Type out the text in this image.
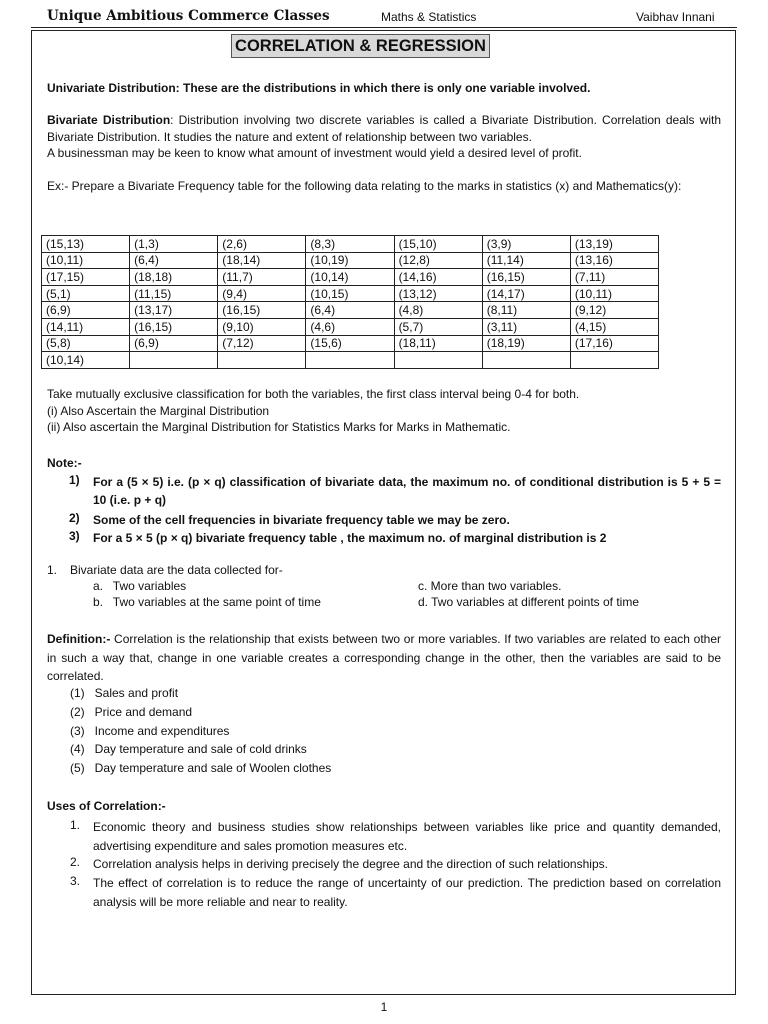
Unique Ambitious Commerce Classes	Maths & Statistics	Vaibhav Innani
CORRELATION & REGRESSION
Univariate Distribution: These are the distributions in which there is only one variable involved.
Bivariate Distribution: Distribution involving two discrete variables is called a Bivariate Distribution. Correlation deals with Bivariate Distribution. It studies the nature and extent of relationship between two variables.
A businessman may be keen to know what amount of investment would yield a desired level of profit.
Ex:- Prepare a Bivariate Frequency table for the following data relating to the marks in statistics (x) and Mathematics(y):
(15,13)	(1,3)	(2,6)	(8,3)	(15,10)	(3,9)	(13,19)
(10,11)	(6,4)	(18,14)	(10,19)	(12,8)	(11,14)	(13,16)
(17,15)	(18,18)	(11,7)	(10,14)	(14,16)	(16,15)	(7,11)
(5,1)	(11,15)	(9,4)	(10,15)	(13,12)	(14,17)	(10,11)
(6,9)	(13,17)	(16,15)	(6,4)	(4,8)	(8,11)	(9,12)
(14,11)	(16,15)	(9,10)	(4,6)	(5,7)	(3,11)	(4,15)
(5,8)	(6,9)	(7,12)	(15,6)	(18,11)	(18,19)	(17,16)
(10,14)						
Take mutually exclusive classification for both the variables, the first class interval being 0-4 for both.
(i) Also Ascertain the Marginal Distribution
(ii) Also ascertain the Marginal Distribution for Statistics Marks for Marks in Mathematic.
Note:-
1) For a (5 × 5) i.e. (p × q) classification of bivariate data, the maximum no. of conditional distribution is 5 + 5 = 10 (i.e. p + q)
2) Some of the cell frequencies in bivariate frequency table we may be zero.
3) For a 5 × 5 (p × q) bivariate frequency table , the maximum no. of marginal distribution is 2
1. Bivariate data are the data collected for-
a.   Two variables	c. More than two variables.
b.   Two variables at the same point of time	d. Two variables at different points of time
Definition:- Correlation is the relationship that exists between two or more variables. If two variables are related to each other in such a way that, change in one variable creates a corresponding change in the other, then the variables are said to be correlated.
(1)   Sales and profit
(2)   Price and demand
(3)   Income and expenditures
(4)   Day temperature and sale of cold drinks
(5)   Day temperature and sale of Woolen clothes
Uses of Correlation:-
1. Economic theory and business studies show relationships between variables like price and quantity demanded, advertising expenditure and sales promotion measures etc.
2. Correlation analysis helps in deriving precisely the degree and the direction of such relationships.
3. The effect of correlation is to reduce the range of uncertainty of our prediction. The prediction based on correlation analysis will be more reliable and near to reality.
1
